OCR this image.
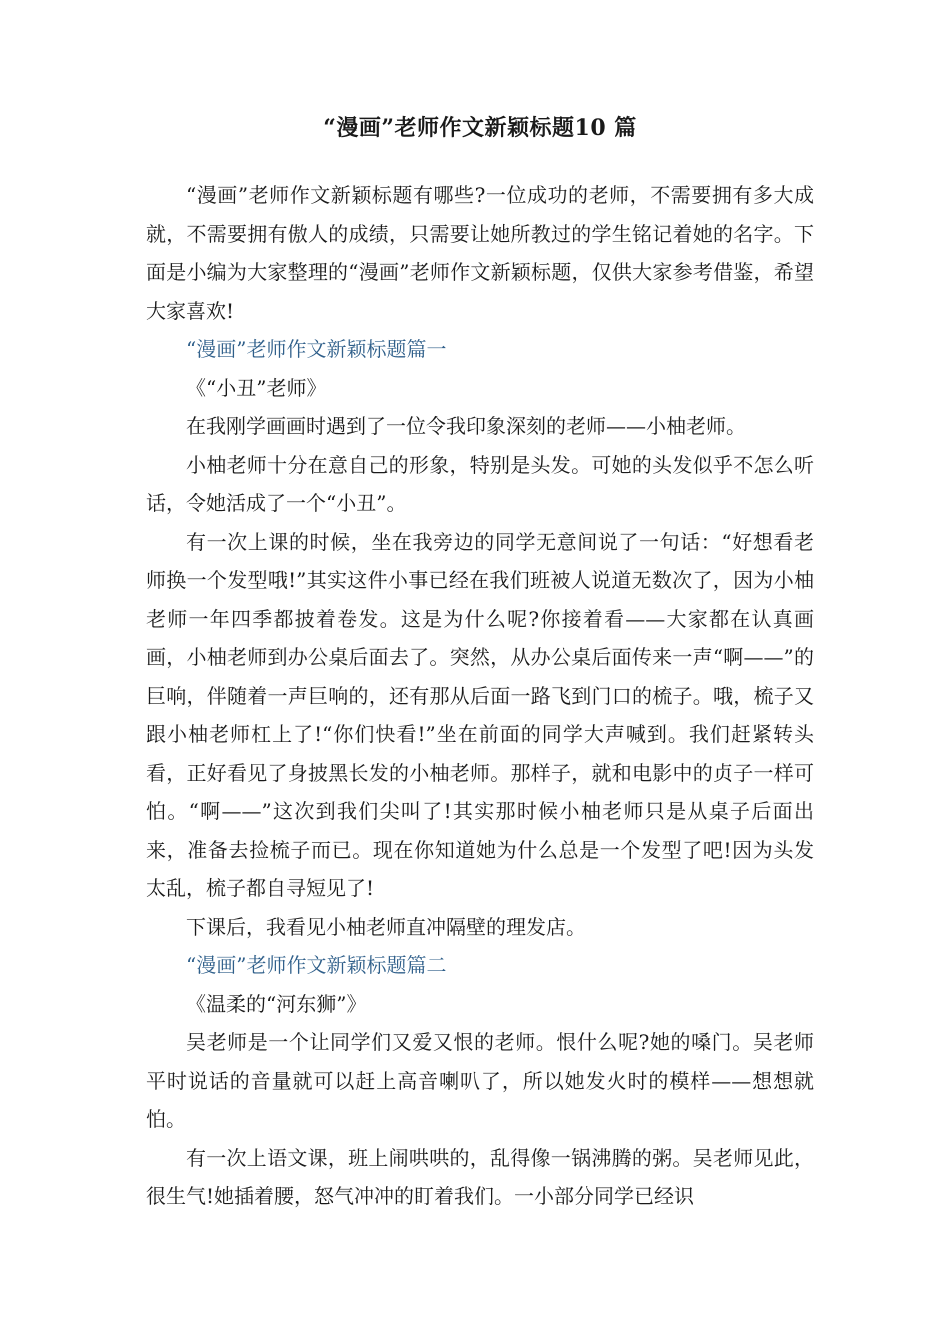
“漫画”老师作文新颖标题10 篇

“漫画”老师作文新颖标题有哪些?一位成功的老师，不需要拥有多大成就，不需要拥有傲人的成绩，只需要让她所教过的学生铭记着她的名字。下面是小编为大家整理的“漫画”老师作文新颖标题，仅供大家参考借鉴，希望大家喜欢!

“漫画”老师作文新颖标题篇一

《“小丑”老师》

在我刚学画画时遇到了一位令我印象深刻的老师——小柚老师。

小柚老师十分在意自己的形象，特别是头发。可她的头发似乎不怎么听话，令她活成了一个“小丑”。

有一次上课的时候，坐在我旁边的同学无意间说了一句话：“好想看老师换一个发型哦!”其实这件小事已经在我们班被人说道无数次了，因为小柚老师一年四季都披着卷发。这是为什么呢?你接着看——大家都在认真画画，小柚老师到办公桌后面去了。突然，从办公桌后面传来一声“啊——”的巨响，伴随着一声巨响的，还有那从后面一路飞到门口的梳子。哦，梳子又跟小柚老师杠上了!“你们快看!”坐在前面的同学大声喊到。我们赶紧转头看，正好看见了身披黑长发的小柚老师。那样子，就和电影中的贞子一样可怕。“啊——”这次到我们尖叫了!其实那时候小柚老师只是从桌子后面出来，准备去捡梳子而已。现在你知道她为什么总是一个发型了吧!因为头发太乱，梳子都自寻短见了!

下课后，我看见小柚老师直冲隔壁的理发店。

“漫画”老师作文新颖标题篇二

《温柔的“河东狮”》

吴老师是一个让同学们又爱又恨的老师。恨什么呢?她的嗓门。吴老师平时说话的音量就可以赶上高音喇叭了，所以她发火时的模样——想想就怕。

有一次上语文课，班上闹哄哄的，乱得像一锅沸腾的粥。吴老师见此，很生气!她插着腰，怒气冲冲的盯着我们。一小部分同学已经识
